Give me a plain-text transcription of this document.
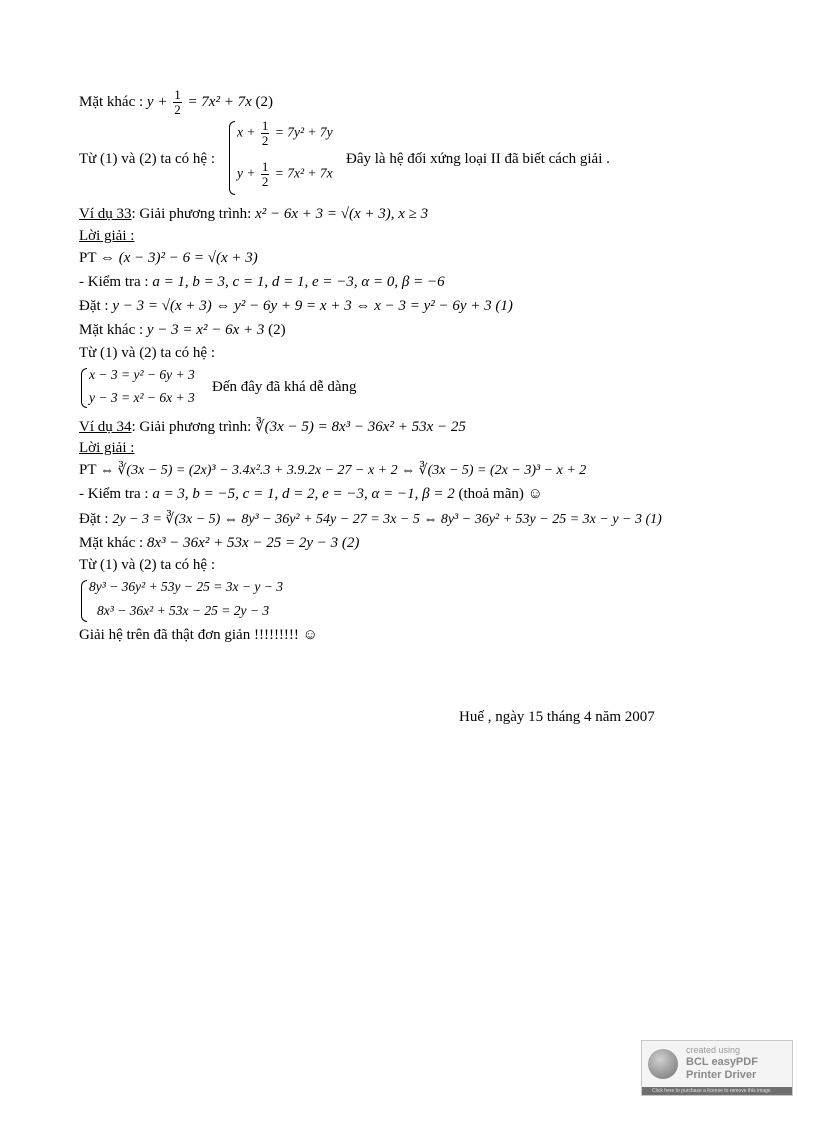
Mặt khác : $y + \frac{1}{2} = 7x^2 + 7x$ (2)
Từ (1) và (2) ta có hệ :
$x + \frac{1}{2} = 7y^2 + 7y$
$y + \frac{1}{2} = 7x^2 + 7x$
Đây là hệ đối xứng loại II đã biết cách giải .
Ví dụ 33: Giải phương trình: x² − 6x + 3 = √(x + 3), x ≥ 3
Lời giải :
PT ⇔ (x − 3)² − 6 = √(x + 3)
- Kiểm tra : a = 1, b = 3, c = 1, d = 1, e = −3, α = 0, β = −6
Đặt : y − 3 = √(x + 3) ⇔ y² − 6y + 9 = x + 3 ⇔ x − 3 = y² − 6y + 3 (1)
Mặt khác : y − 3 = x² − 6x + 3 (2)
Từ (1) và (2) ta có hệ :
x − 3 = y² − 6y + 3
y − 3 = x² − 6x + 3
Đến đây đã khá dễ dàng
Ví dụ 34: Giải phương trình: ∛(3x − 5) = 8x³ − 36x² + 53x − 25
Lời giải :
PT ⇔ ∛(3x − 5) = (2x)³ − 3.4x².3 + 3.9.2x − 27 − x + 2 ⇔ ∛(3x − 5) = (2x − 3)³ − x + 2
- Kiểm tra : a = 3, b = −5, c = 1, d = 2, e = −3, α = −1, β = 2 (thoả mãn) ☺
Đặt : 2y − 3 = ∛(3x − 5) ⇔ 8y³ − 36y² + 54y − 27 = 3x − 5 ⇔ 8y³ − 36y² + 53y − 25 = 3x − y − 3 (1)
Mặt khác : 8x³ − 36x² + 53x − 25 = 2y − 3 (2)
Từ (1) và (2) ta có hệ :
8y³ − 36y² + 53y − 25 = 3x − y − 3
8x³ − 36x² + 53x − 25 = 2y − 3
Giải hệ trên đã thật đơn giản !!!!!!!!! ☺
Huế , ngày 15 tháng 4 năm 2007
created using
BCL easyPDF
Printer Driver
Click here to purchase a license to remove this image
